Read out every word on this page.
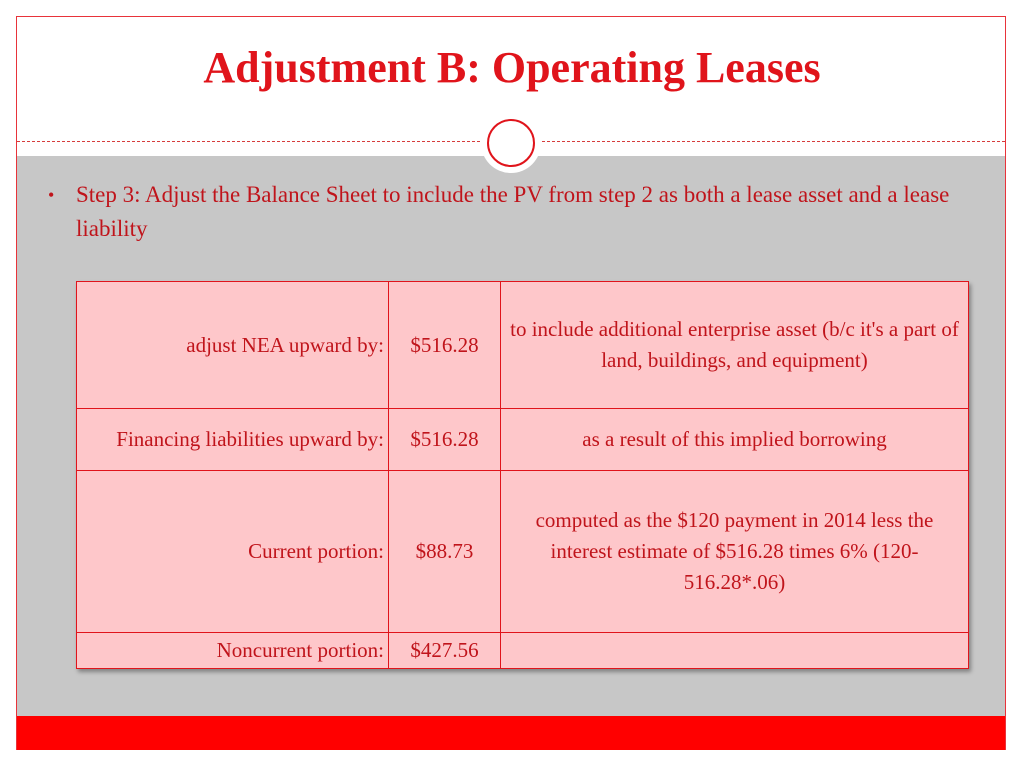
Adjustment B: Operating Leases
• Step 3: Adjust the Balance Sheet to include the PV from step 2 as both a lease asset and a lease liability
adjust NEA upward by:	$516.28	to include additional enterprise asset (b/c it's a part of land, buildings, and equipment)
Financing liabilities upward by:	$516.28	as a result of this implied borrowing
Current portion:	$88.73	computed as the $120 payment in 2014 less the interest estimate of $516.28 times 6% (120-516.28*.06)
Noncurrent portion:	$427.56	
